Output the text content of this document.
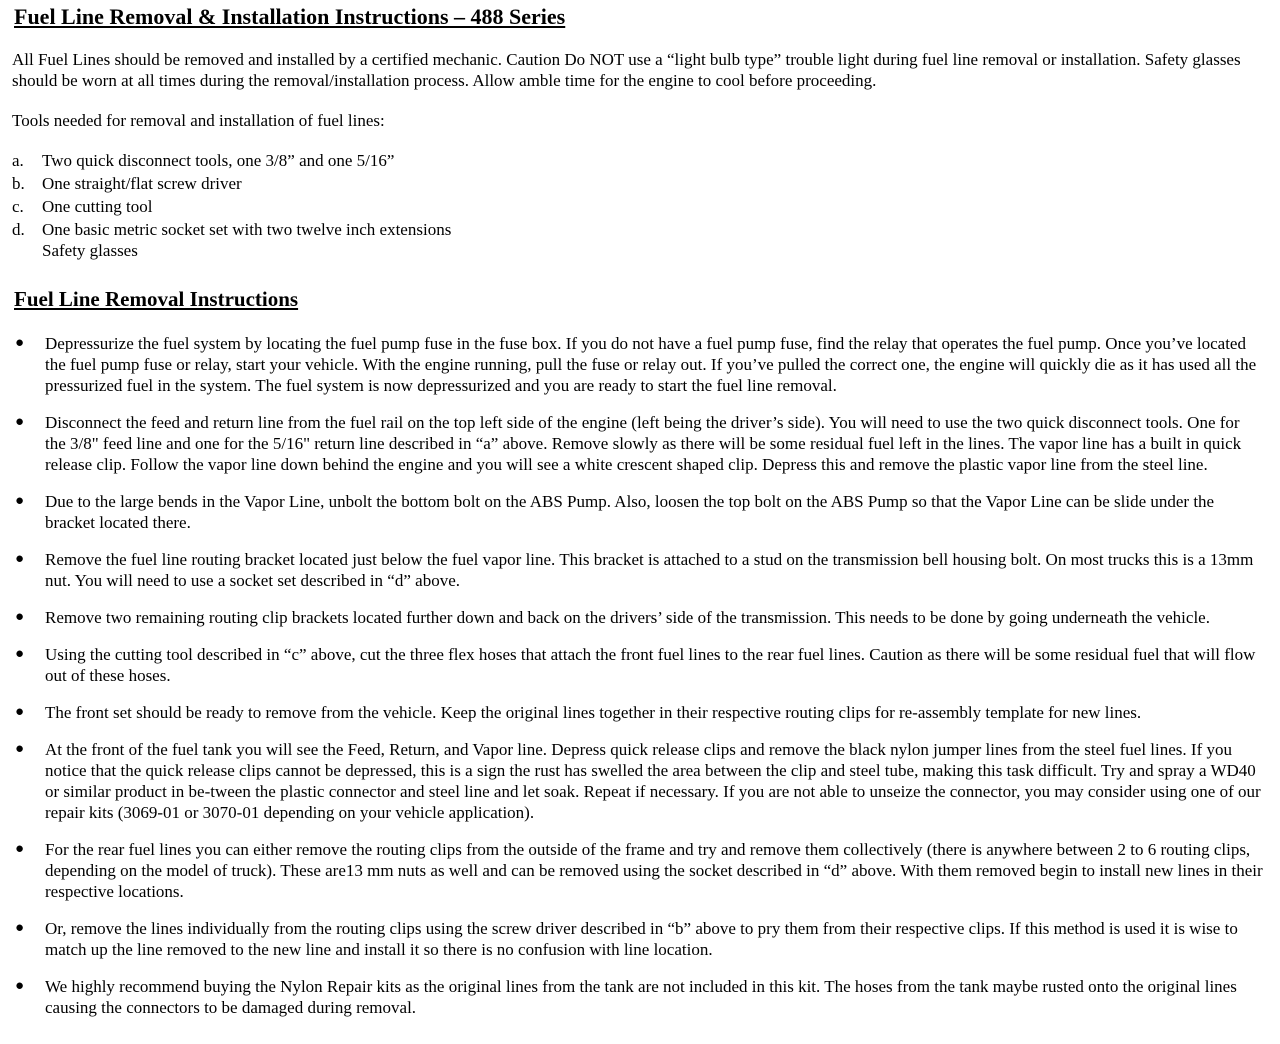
Fuel Line Removal & Installation Instructions – 488 Series

All Fuel Lines should be removed and installed by a certified mechanic. Caution Do NOT use a “light bulb type” trouble light during fuel line removal or installation. Safety glasses should be worn at all times during the removal/installation process. Allow amble time for the engine to cool before proceeding.

Tools needed for removal and installation of fuel lines:

a.	Two quick disconnect tools, one 3/8” and one 5/16”
b.	One straight/flat screw driver
c.	One cutting tool
d.	One basic metric socket set with two twelve inch extensions
Safety glasses
Fuel Line Removal Instructions
●	Depressurize the fuel system by locating the fuel pump fuse in the fuse box. If you do not have a fuel pump fuse, find the relay that operates the fuel pump. Once you’ve located the fuel pump fuse or relay, start your vehicle. With the engine running, pull the fuse or relay out. If you’ve pulled the correct one, the engine will quickly die as it has used all the pressurized fuel in the system. The fuel system is now depressurized and you are ready to start the fuel line removal.
●	Disconnect the feed and return line from the fuel rail on the top left side of the engine (left being the driver’s side). You will need to use the two quick disconnect tools. One for the 3/8" feed line and one for the 5/16" return line described in “a” above. Remove slowly as there will be some residual fuel left in the lines. The vapor line has a built in quick release clip. Follow the vapor line down behind the engine and you will see a white crescent shaped clip. Depress this and remove the plastic vapor line from the steel line.
●	Due to the large bends in the Vapor Line, unbolt the bottom bolt on the ABS Pump. Also, loosen the top bolt on the ABS Pump so that the Vapor Line can be slide under the bracket located there.
●	Remove the fuel line routing bracket located just below the fuel vapor line. This bracket is attached to a stud on the transmission bell housing bolt. On most trucks this is a 13mm nut. You will need to use a socket set described in “d” above.
●	Remove two remaining routing clip brackets located further down and back on the drivers’ side of the transmission. This needs to be done by going underneath the vehicle.
●	Using the cutting tool described in “c” above, cut the three flex hoses that attach the front fuel lines to the rear fuel lines. Caution as there will be some residual fuel that will flow out of these hoses.
●	The front set should be ready to remove from the vehicle. Keep the original lines together in their respective routing clips for re-assembly template for new lines.
●	At the front of the fuel tank you will see the Feed, Return, and Vapor line. Depress quick release clips and remove the black nylon jumper lines from the steel fuel lines. If you notice that the quick release clips cannot be depressed, this is a sign the rust has swelled the area between the clip and steel tube, making this task difficult. Try and spray a WD40 or similar product in be-tween the plastic connector and steel line and let soak. Repeat if necessary. If you are not able to unseize the connector, you may consider using one of our repair kits (3069-01 or 3070-01 depending on your vehicle application).
●	For the rear fuel lines you can either remove the routing clips from the outside of the frame and try and remove them collectively (there is anywhere between 2 to 6 routing clips, depending on the model of truck). These are13 mm nuts as well and can be removed using the socket described in “d” above. With them removed begin to install new lines in their respective locations.
●	Or, remove the lines individually from the routing clips using the screw driver described in “b” above to pry them from their respective clips. If this method is used it is wise to match up the line removed to the new line and install it so there is no confusion with line location.
●	We highly recommend buying the Nylon Repair kits as the original lines from the tank are not included in this kit. The hoses from the tank maybe rusted onto the original lines causing the connectors to be damaged during removal.
